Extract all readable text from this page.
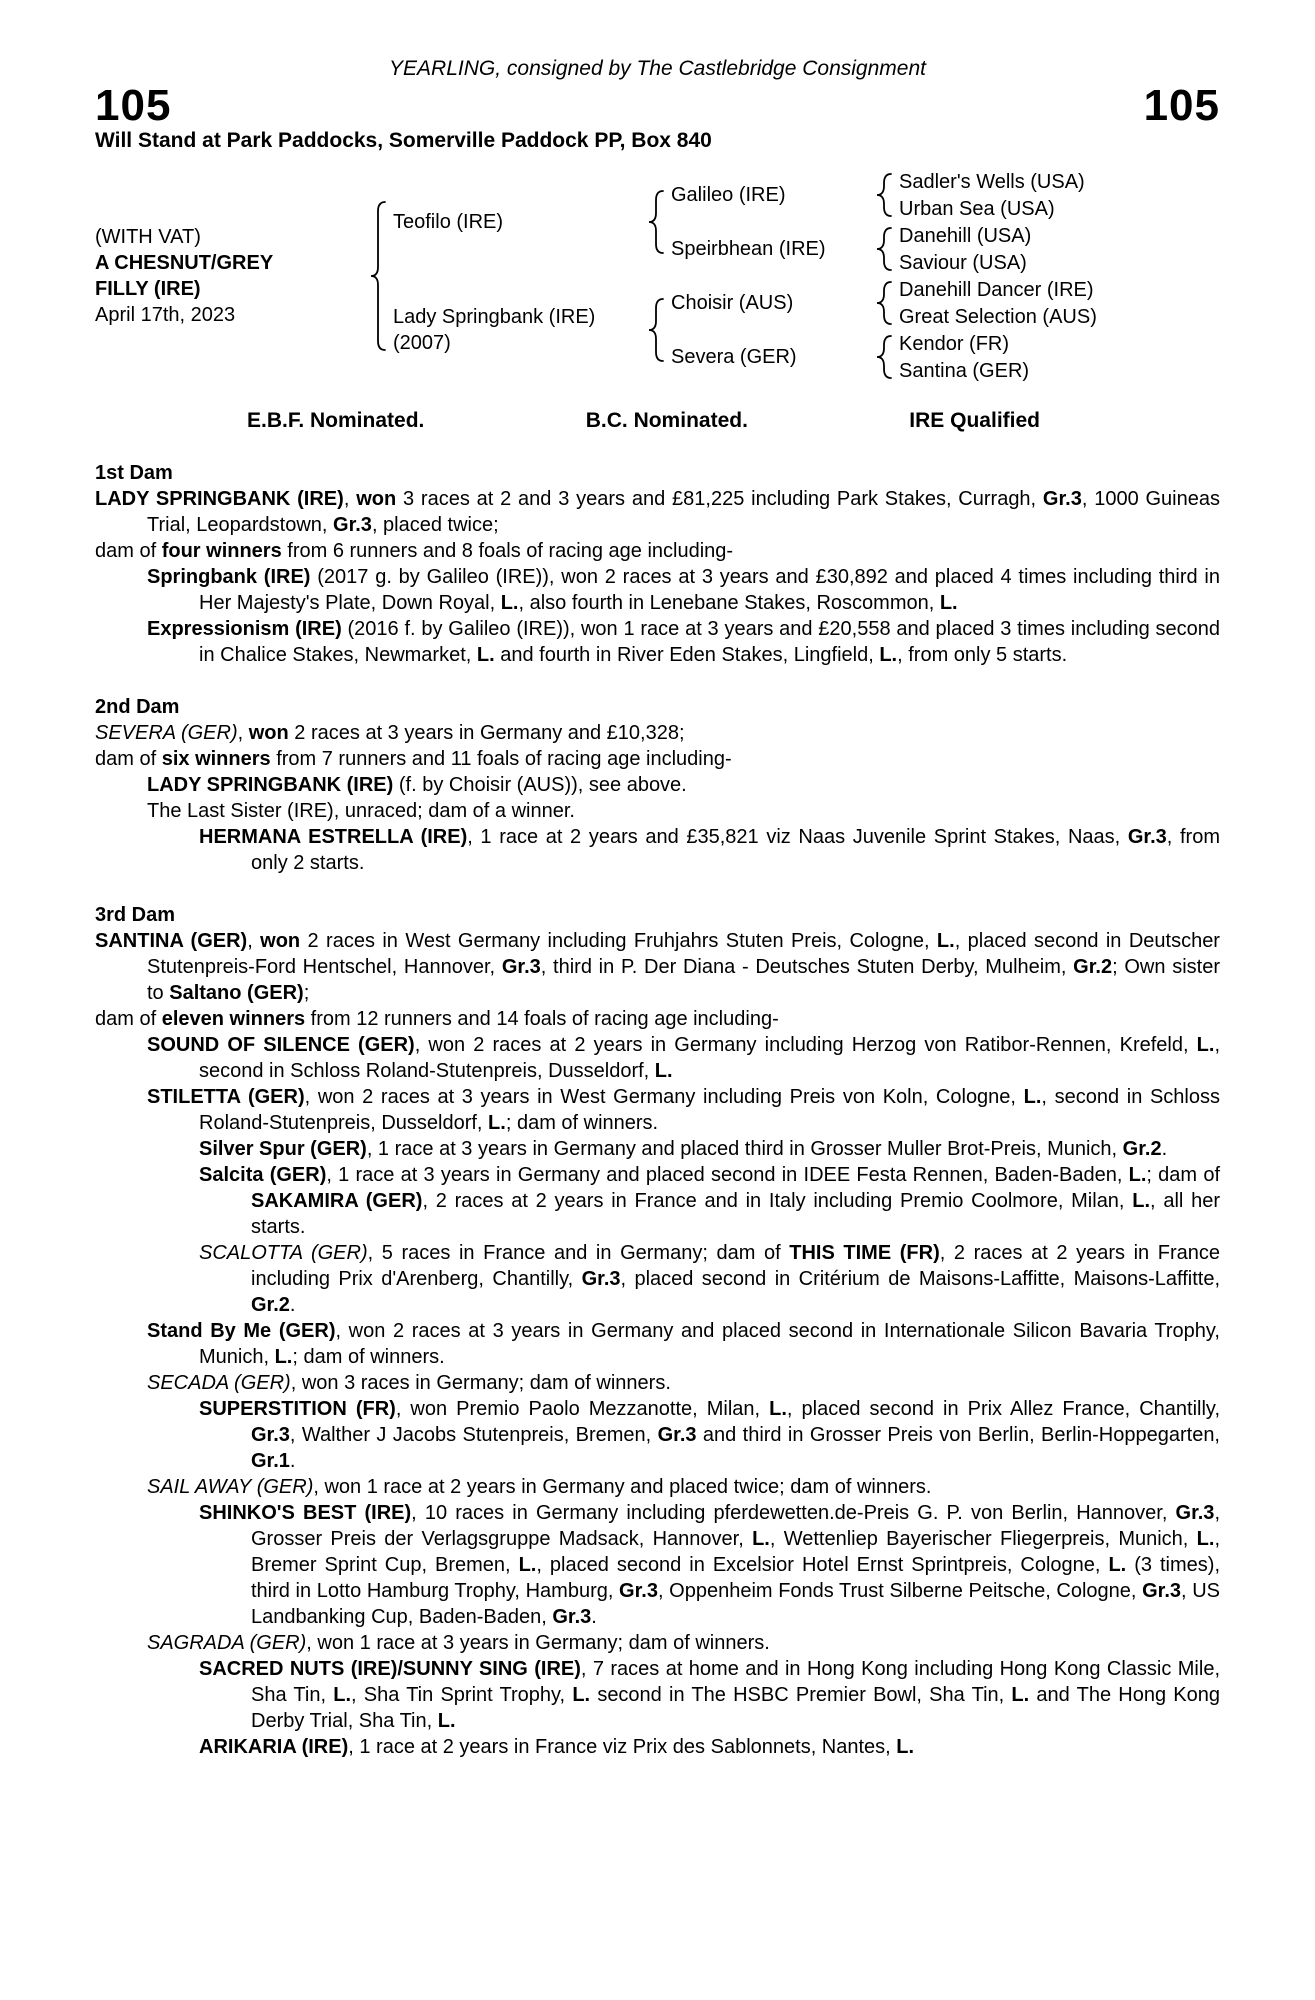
YEARLING, consigned by The Castlebridge Consignment
105	105
Will Stand at Park Paddocks, Somerville Paddock PP, Box 840
(WITH VAT)
A CHESNUT/GREY
FILLY (IRE)
April 17th, 2023
Teofilo (IRE)
Galileo (IRE)
Sadler's Wells (USA)
Urban Sea (USA)
Speirbhean (IRE)
Danehill (USA)
Saviour (USA)
Lady Springbank (IRE)
(2007)
Choisir (AUS)
Danehill Dancer (IRE)
Great Selection (AUS)
Severa (GER)
Kendor (FR)
Santina (GER)
E.B.F. Nominated.	B.C. Nominated.	IRE Qualified
1st Dam

LADY SPRINGBANK (IRE), won 3 races at 2 and 3 years and £81,225 including Park Stakes, Curragh, Gr.3, 1000 Guineas Trial, Leopardstown, Gr.3, placed twice;

dam of four winners from 6 runners and 8 foals of racing age including-

Springbank (IRE) (2017 g. by Galileo (IRE)), won 2 races at 3 years and £30,892 and placed 4 times including third in Her Majesty's Plate, Down Royal, L., also fourth in Lenebane Stakes, Roscommon, L.

Expressionism (IRE) (2016 f. by Galileo (IRE)), won 1 race at 3 years and £20,558 and placed 3 times including second in Chalice Stakes, Newmarket, L. and fourth in River Eden Stakes, Lingfield, L., from only 5 starts.

2nd Dam

SEVERA (GER), won 2 races at 3 years in Germany and £10,328;

dam of six winners from 7 runners and 11 foals of racing age including-

LADY SPRINGBANK (IRE) (f. by Choisir (AUS)), see above.

The Last Sister (IRE), unraced; dam of a winner.

HERMANA ESTRELLA (IRE), 1 race at 2 years and £35,821 viz Naas Juvenile Sprint Stakes, Naas, Gr.3, from only 2 starts.

3rd Dam

SANTINA (GER), won 2 races in West Germany including Fruhjahrs Stuten Preis, Cologne, L., placed second in Deutscher Stutenpreis-Ford Hentschel, Hannover, Gr.3, third in P. Der Diana - Deutsches Stuten Derby, Mulheim, Gr.2; Own sister to Saltano (GER);

dam of eleven winners from 12 runners and 14 foals of racing age including-

SOUND OF SILENCE (GER), won 2 races at 2 years in Germany including Herzog von Ratibor-Rennen, Krefeld, L., second in Schloss Roland-Stutenpreis, Dusseldorf, L.

STILETTA (GER), won 2 races at 3 years in West Germany including Preis von Koln, Cologne, L., second in Schloss Roland-Stutenpreis, Dusseldorf, L.; dam of winners.

Silver Spur (GER), 1 race at 3 years in Germany and placed third in Grosser Muller Brot-Preis, Munich, Gr.2.

Salcita (GER), 1 race at 3 years in Germany and placed second in IDEE Festa Rennen, Baden-Baden, L.; dam of SAKAMIRA (GER), 2 races at 2 years in France and in Italy including Premio Coolmore, Milan, L., all her starts.

SCALOTTA (GER), 5 races in France and in Germany; dam of THIS TIME (FR), 2 races at 2 years in France including Prix d'Arenberg, Chantilly, Gr.3, placed second in Critérium de Maisons-Laffitte, Maisons-Laffitte, Gr.2.

Stand By Me (GER), won 2 races at 3 years in Germany and placed second in Internationale Silicon Bavaria Trophy, Munich, L.; dam of winners.

SECADA (GER), won 3 races in Germany; dam of winners.

SUPERSTITION (FR), won Premio Paolo Mezzanotte, Milan, L., placed second in Prix Allez France, Chantilly, Gr.3, Walther J Jacobs Stutenpreis, Bremen, Gr.3 and third in Grosser Preis von Berlin, Berlin-Hoppegarten, Gr.1.

SAIL AWAY (GER), won 1 race at 2 years in Germany and placed twice; dam of winners.

SHINKO'S BEST (IRE), 10 races in Germany including pferdewetten.de-Preis G. P. von Berlin, Hannover, Gr.3, Grosser Preis der Verlagsgruppe Madsack, Hannover, L., Wettenliep Bayerischer Fliegerpreis, Munich, L., Bremer Sprint Cup, Bremen, L., placed second in Excelsior Hotel Ernst Sprintpreis, Cologne, L. (3 times), third in Lotto Hamburg Trophy, Hamburg, Gr.3, Oppenheim Fonds Trust Silberne Peitsche, Cologne, Gr.3, US Landbanking Cup, Baden-Baden, Gr.3.

SAGRADA (GER), won 1 race at 3 years in Germany; dam of winners.

SACRED NUTS (IRE)/SUNNY SING (IRE), 7 races at home and in Hong Kong including Hong Kong Classic Mile, Sha Tin, L., Sha Tin Sprint Trophy, L. second in The HSBC Premier Bowl, Sha Tin, L. and The Hong Kong Derby Trial, Sha Tin, L.

ARIKARIA (IRE), 1 race at 2 years in France viz Prix des Sablonnets, Nantes, L.
